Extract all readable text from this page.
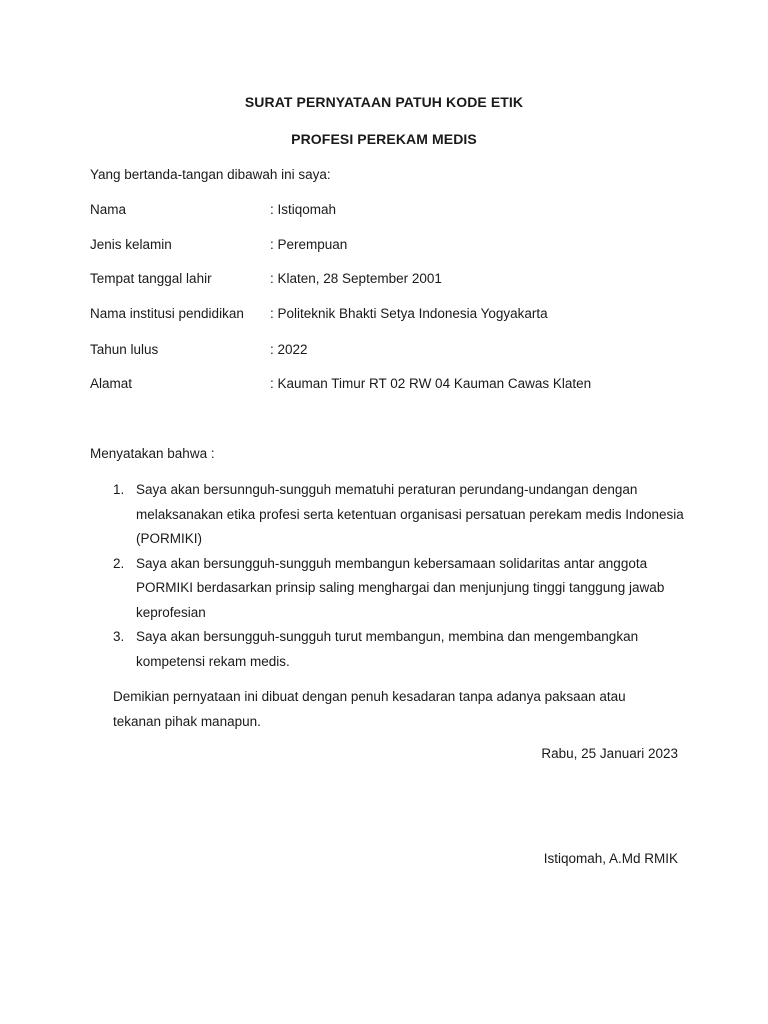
SURAT PERNYATAAN PATUH KODE ETIK
PROFESI PEREKAM MEDIS
Yang bertanda-tangan dibawah ini saya:
Nama	: Istiqomah
Jenis kelamin	: Perempuan
Tempat tanggal lahir	: Klaten, 28 September 2001
Nama institusi pendidikan : Politeknik Bhakti Setya Indonesia Yogyakarta
Tahun lulus	: 2022
Alamat	: Kauman Timur RT 02 RW 04 Kauman Cawas Klaten
Menyatakan bahwa :
1. Saya akan bersunnguh-sungguh mematuhi peraturan perundang-undangan dengan melaksanakan etika profesi serta ketentuan organisasi persatuan perekam medis Indonesia (PORMIKI)
2. Saya akan bersungguh-sungguh membangun kebersamaan solidaritas antar anggota PORMIKI berdasarkan prinsip saling menghargai dan menjunjung tinggi tanggung jawab keprofesian
3. Saya akan bersungguh-sungguh turut membangun, membina dan mengembangkan kompetensi rekam medis.
Demikian pernyataan ini dibuat dengan penuh kesadaran tanpa adanya paksaan atau tekanan pihak manapun.
Rabu, 25 Januari 2023
Istiqomah, A.Md RMIK
